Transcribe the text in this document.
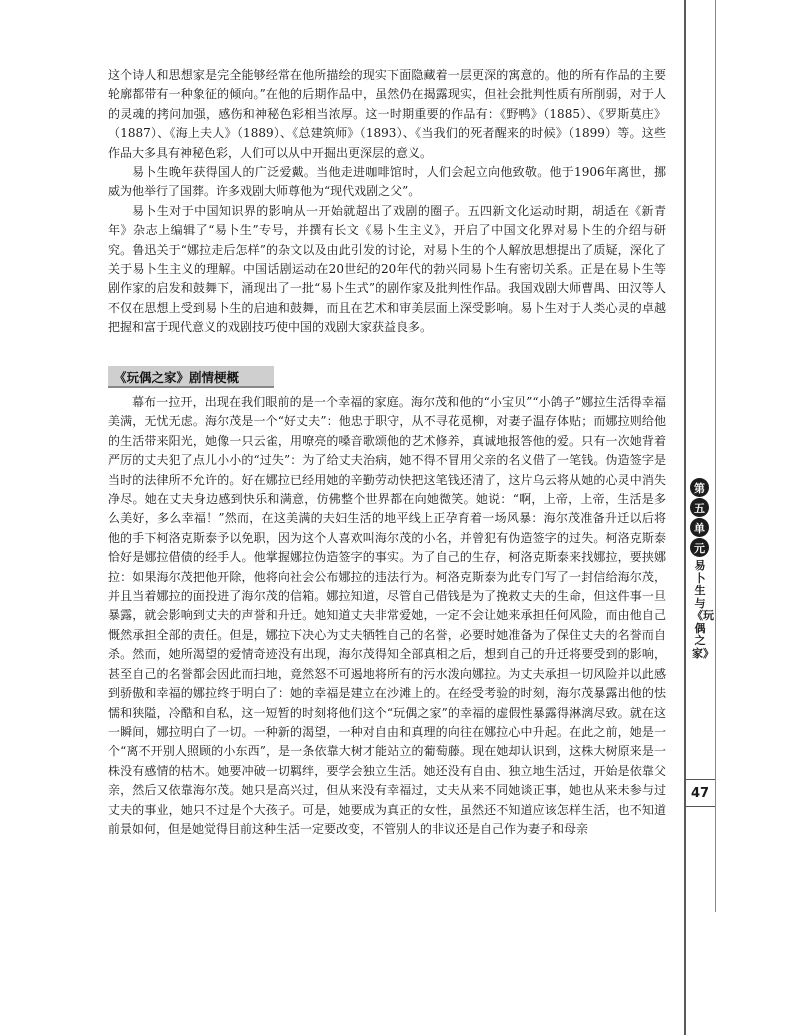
这个诗人和思想家是完全能够经常在他所描绘的现实下面隐藏着一层更深的寓意的。他的所有作品的主要轮廓都带有一种象征的倾向。”在他的后期作品中，虽然仍在揭露现实，但社会批判性质有所削弱，对于人的灵魂的拷问加强，感伤和神秘色彩相当浓厚。这一时期重要的作品有：《野鸭》（1885）、《罗斯莫庄》（1887）、《海上夫人》（1889）、《总建筑师》（1893）、《当我们的死者醒来的时候》（1899）等。这些作品大多具有神秘色彩，人们可以从中开掘出更深层的意义。

易卜生晚年获得国人的广泛爱戴。当他走进咖啡馆时，人们会起立向他致敬。他于1906年离世，挪威为他举行了国葬。许多戏剧大师尊他为“现代戏剧之父”。

易卜生对于中国知识界的影响从一开始就超出了戏剧的圈子。五四新文化运动时期，胡适在《新青年》杂志上编辑了“易卜生”专号，并撰有长文《易卜生主义》，开启了中国文化界对易卜生的介绍与研究。鲁迅关于“娜拉走后怎样”的杂文以及由此引发的讨论，对易卜生的个人解放思想提出了质疑，深化了关于易卜生主义的理解。中国话剧运动在20世纪的20年代的勃兴同易卜生有密切关系。正是在易卜生等剧作家的启发和鼓舞下，涌现出了一批“易卜生式”的剧作家及批判性作品。我国戏剧大师曹禺、田汉等人不仅在思想上受到易卜生的启迪和鼓舞，而且在艺术和审美层面上深受影响。易卜生对于人类心灵的卓越把握和富于现代意义的戏剧技巧使中国的戏剧大家获益良多。

《玩偶之家》剧情梗概

幕布一拉开，出现在我们眼前的是一个幸福的家庭。海尔茂和他的“小宝贝”“小鸽子”娜拉生活得幸福美满，无忧无虑。海尔茂是一个“好丈夫”：他忠于职守，从不寻花觅柳，对妻子温存体贴；而娜拉则给他的生活带来阳光，她像一只云雀，用嘹亮的嗓音歌颂他的艺术修养，真诚地报答他的爱。只有一次她背着严厉的丈夫犯了点儿小小的“过失”：为了给丈夫治病，她不得不冒用父亲的名义借了一笔钱。伪造签字是当时的法律所不允许的。好在娜拉已经用她的辛勤劳动快把这笔钱还清了，这片乌云将从她的心灵中消失净尽。她在丈夫身边感到快乐和满意，仿佛整个世界都在向她微笑。她说：“啊，上帝，上帝，生活是多么美好，多么幸福！”然而，在这美满的夫妇生活的地平线上正孕育着一场风暴：海尔茂准备升迁以后将他的手下柯洛克斯泰予以免职，因为这个人喜欢叫海尔茂的小名，并曾犯有伪造签字的过失。柯洛克斯泰恰好是娜拉借债的经手人。他掌握娜拉伪造签字的事实。为了自己的生存，柯洛克斯泰来找娜拉，要挟娜拉：如果海尔茂把他开除，他将向社会公布娜拉的违法行为。柯洛克斯泰为此专门写了一封信给海尔茂，并且当着娜拉的面投进了海尔茂的信箱。娜拉知道，尽管自己借钱是为了挽救丈夫的生命，但这件事一旦暴露，就会影响到丈夫的声誉和升迁。她知道丈夫非常爱她，一定不会让她来承担任何风险，而由他自己慨然承担全部的责任。但是，娜拉下决心为丈夫牺牲自己的名誉，必要时她准备为了保住丈夫的名誉而自杀。然而，她所渴望的爱情奇迹没有出现，海尔茂得知全部真相之后，想到自己的升迁将要受到的影响，甚至自己的名誉都会因此而扫地，竟然怒不可遏地将所有的污水泼向娜拉。为丈夫承担一切风险并以此感到骄傲和幸福的娜拉终于明白了：她的幸福是建立在沙滩上的。在经受考验的时刻，海尔茂暴露出他的怯懦和狭隘，冷酷和自私，这一短暂的时刻将他们这个“玩偶之家”的幸福的虚假性暴露得淋漓尽致。就在这一瞬间，娜拉明白了一切。一种新的渴望，一种对自由和真理的向往在娜拉心中升起。在此之前，她是一个“离不开别人照顾的小东西”，是一条依靠大树才能站立的葡萄藤。现在她却认识到，这株大树原来是一株没有感情的枯木。她要冲破一切羁绊，要学会独立生活。她还没有自由、独立地生活过，开始是依靠父亲，然后又依靠海尔茂。她只是高兴过，但从来没有幸福过，丈夫从来不同她谈正事，她也从来未参与过丈夫的事业，她只不过是个大孩子。可是，她要成为真正的女性，虽然还不知道应该怎样生活，也不知道前景如何，但是她觉得目前这种生活一定要改变，不管别人的非议还是自己作为妻子和母亲

第
五
单
元
易卜生与《玩偶之家》
47
